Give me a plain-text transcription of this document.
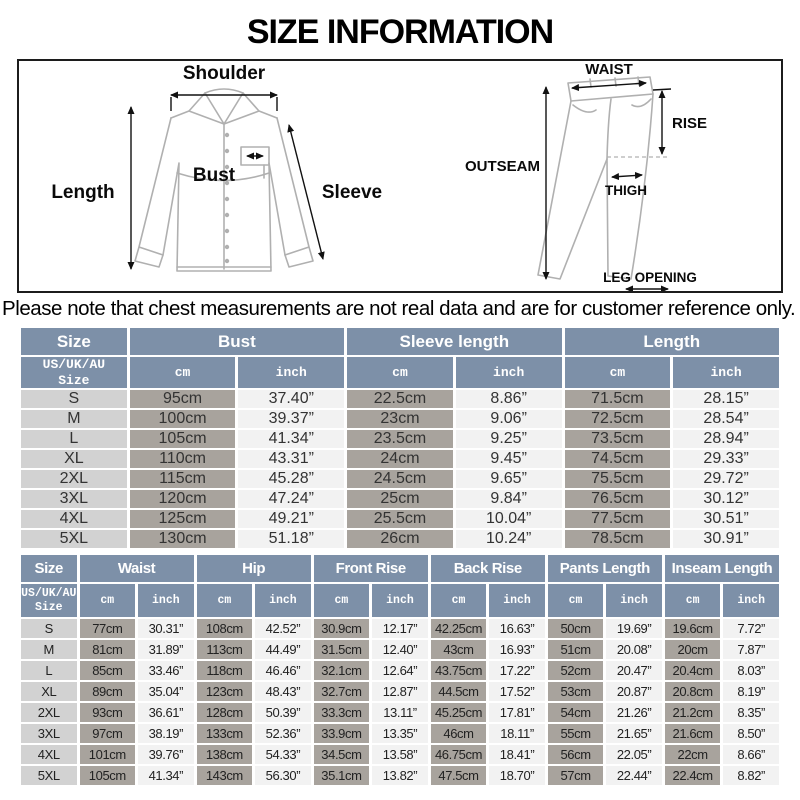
SIZE INFORMATION
Shoulder
Length
Bust
Sleeve
WAIST
RISE
OUTSEAM
THIGH
LEG OPENING

Please note that chest measurements are not real data and are for customer reference only.

Size	Bust		Sleeve length		Length	
US/UK/AU
Size	cm	inch	cm	inch	cm	inch
S	95cm	37.40”	22.5cm	8.86”	71.5cm	28.15”
M	100cm	39.37”	23cm	9.06”	72.5cm	28.54”
L	105cm	41.34”	23.5cm	9.25”	73.5cm	28.94”
XL	110cm	43.31”	24cm	9.45”	74.5cm	29.33”
2XL	115cm	45.28”	24.5cm	9.65”	75.5cm	29.72”
3XL	120cm	47.24”	25cm	9.84”	76.5cm	30.12”
4XL	125cm	49.21”	25.5cm	10.04”	77.5cm	30.51”
5XL	130cm	51.18”	26cm	10.24”	78.5cm	30.91”
Size	Waist		Hip		Front Rise		Back Rise		Pants Length		Inseam Length	
US/UK/AU
Size	cm	inch	cm	inch	cm	inch	cm	inch	cm	inch	cm	inch
S	77cm	30.31”	108cm	42.52”	30.9cm	12.17”	42.25cm	16.63”	50cm	19.69”	19.6cm	7.72”
M	81cm	31.89”	113cm	44.49”	31.5cm	12.40”	43cm	16.93”	51cm	20.08”	20cm	7.87”
L	85cm	33.46”	118cm	46.46”	32.1cm	12.64”	43.75cm	17.22”	52cm	20.47”	20.4cm	8.03”
XL	89cm	35.04”	123cm	48.43”	32.7cm	12.87”	44.5cm	17.52”	53cm	20.87”	20.8cm	8.19”
2XL	93cm	36.61”	128cm	50.39”	33.3cm	13.11”	45.25cm	17.81”	54cm	21.26”	21.2cm	8.35”
3XL	97cm	38.19”	133cm	52.36”	33.9cm	13.35”	46cm	18.11”	55cm	21.65”	21.6cm	8.50”
4XL	101cm	39.76”	138cm	54.33”	34.5cm	13.58”	46.75cm	18.41”	56cm	22.05”	22cm	8.66”
5XL	105cm	41.34”	143cm	56.30”	35.1cm	13.82”	47.5cm	18.70”	57cm	22.44”	22.4cm	8.82”
